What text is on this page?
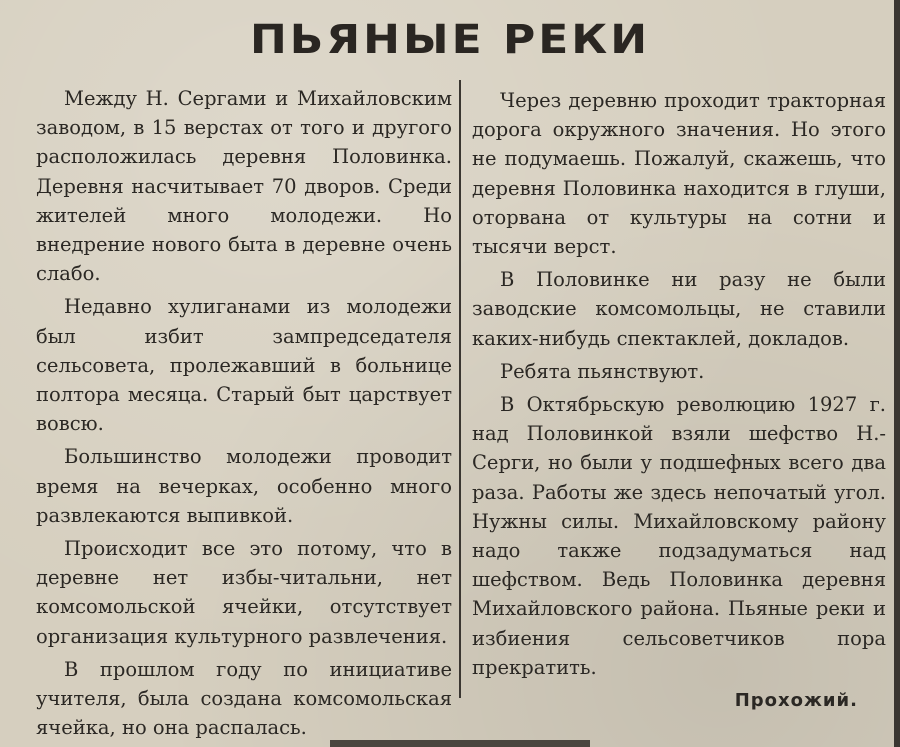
ПЬЯНЫЕ РЕКИ

Между Н. Сергами и Михайловским заводом, в 15 верстах от того и другого расположилась деревня Половинка. Деревня насчитывает 70 дворов. Среди жителей много молодежи. Но внедрение нового быта в деревне очень слабо.

Недавно хулиганами из молодежи был избит зампредседателя сельсовета, пролежавший в больнице полтора месяца. Старый быт царствует вовсю.

Большинство молодежи проводит время на вечерках, особенно много развлекаются выпивкой.

Происходит все это потому, что в деревне нет избы-читальни, нет комсомольской ячейки, отсутствует организация культурного развлечения.

В прошлом году по инициативе учителя, была создана комсомольская ячейка, но она распалась.

Через деревню проходит тракторная дорога окружного значения. Но этого не подумаешь. Пожалуй, скажешь, что деревня Половинка находится в глуши, оторвана от культуры на сотни и тысячи верст.

В Половинке ни разу не были заводские комсомольцы, не ставили каких-нибудь спектаклей, докладов.

Ребята пьянствуют.

В Октябрьскую революцию 1927 г. над Половинкой взяли шефство Н.-Серги, но были у подшефных всего два раза. Работы же здесь непочатый угол. Нужны силы. Михайловскому району надо также подзадуматься над шефством. Ведь Половинка деревня Михайловского района. Пьяные реки и избиения сельсоветчиков пора прекратить.

Прохожий.
